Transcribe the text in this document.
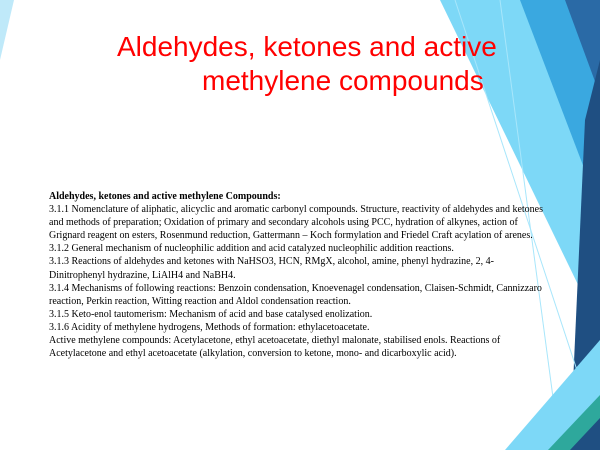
Aldehydes, ketones and active
methylene compounds
Aldehydes, ketones and active methylene Compounds:
3.1.1 Nomenclature of aliphatic, alicyclic and aromatic carbonyl compounds. Structure, reactivity of aldehydes and ketones and methods of preparation; Oxidation of primary and secondary alcohols using PCC, hydration of alkynes, action of Grignard reagent on esters, Rosenmund reduction, Gattermann – Koch formylation and Friedel Craft acylation of arenes.
3.1.2 General mechanism of nucleophilic addition and acid catalyzed nucleophilic addition reactions.
3.1.3 Reactions of aldehydes and ketones with NaHSO3, HCN, RMgX, alcohol, amine, phenyl hydrazine, 2, 4-Dinitrophenyl hydrazine, LiAlH4 and NaBH4.
3.1.4 Mechanisms of following reactions: Benzoin condensation, Knoevenagel condensation, Claisen-Schmidt, Cannizzaro reaction, Perkin reaction, Witting reaction and Aldol condensation reaction.
3.1.5 Keto-enol tautomerism: Mechanism of acid and base catalysed enolization.
3.1.6 Acidity of methylene hydrogens, Methods of formation: ethylacetoacetate.
Active methylene compounds: Acetylacetone, ethyl acetoacetate, diethyl malonate, stabilised enols. Reactions of Acetylacetone and ethyl acetoacetate (alkylation, conversion to ketone, mono- and dicarboxylic acid).
